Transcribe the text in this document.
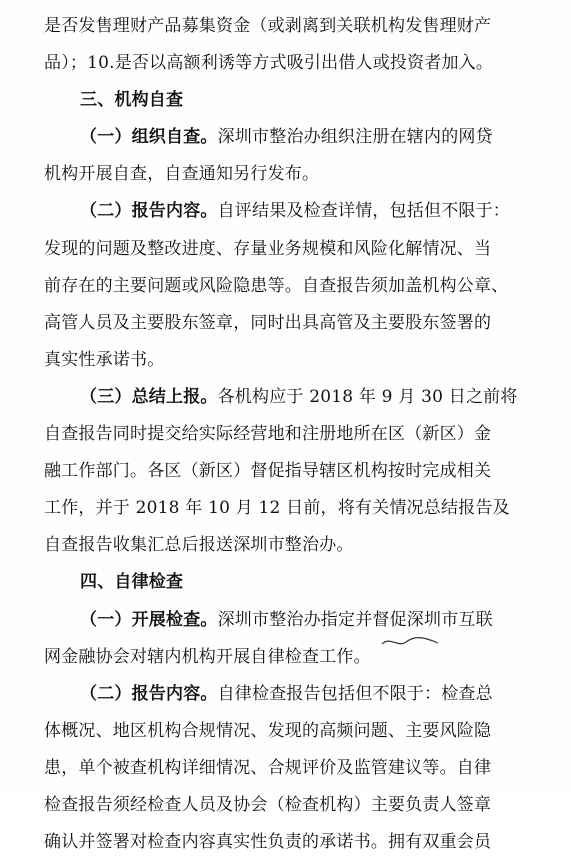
是否发售理财产品募集资金（或剥离到关联机构发售理财产
品）；10.是否以高额利诱等方式吸引出借人或投资者加入。
三、机构自查
（一）组织自查。深圳市整治办组织注册在辖内的网贷
机构开展自查，自查通知另行发布。
（二）报告内容。自评结果及检查详情，包括但不限于：
发现的问题及整改进度、存量业务规模和风险化解情况、当
前存在的主要问题或风险隐患等。自查报告须加盖机构公章、
高管人员及主要股东签章，同时出具高管及主要股东签署的
真实性承诺书。
（三）总结上报。各机构应于 2018 年 9 月 30 日之前将
自查报告同时提交给实际经营地和注册地所在区（新区）金
融工作部门。各区（新区）督促指导辖区机构按时完成相关
工作，并于 2018 年 10 月 12 日前，将有关情况总结报告及
自查报告收集汇总后报送深圳市整治办。
四、自律检查
（一）开展检查。深圳市整治办指定并督促深圳市互联
网金融协会对辖内机构开展自律检查工作。
（二）报告内容。自律检查报告包括但不限于：检查总
体概况、地区机构合规情况、发现的高频问题、主要风险隐
患，单个被查机构详细情况、合规评价及监管建议等。自律
检查报告须经检查人员及协会（检查机构）主要负责人签章
确认并签署对检查内容真实性负责的承诺书。拥有双重会员
